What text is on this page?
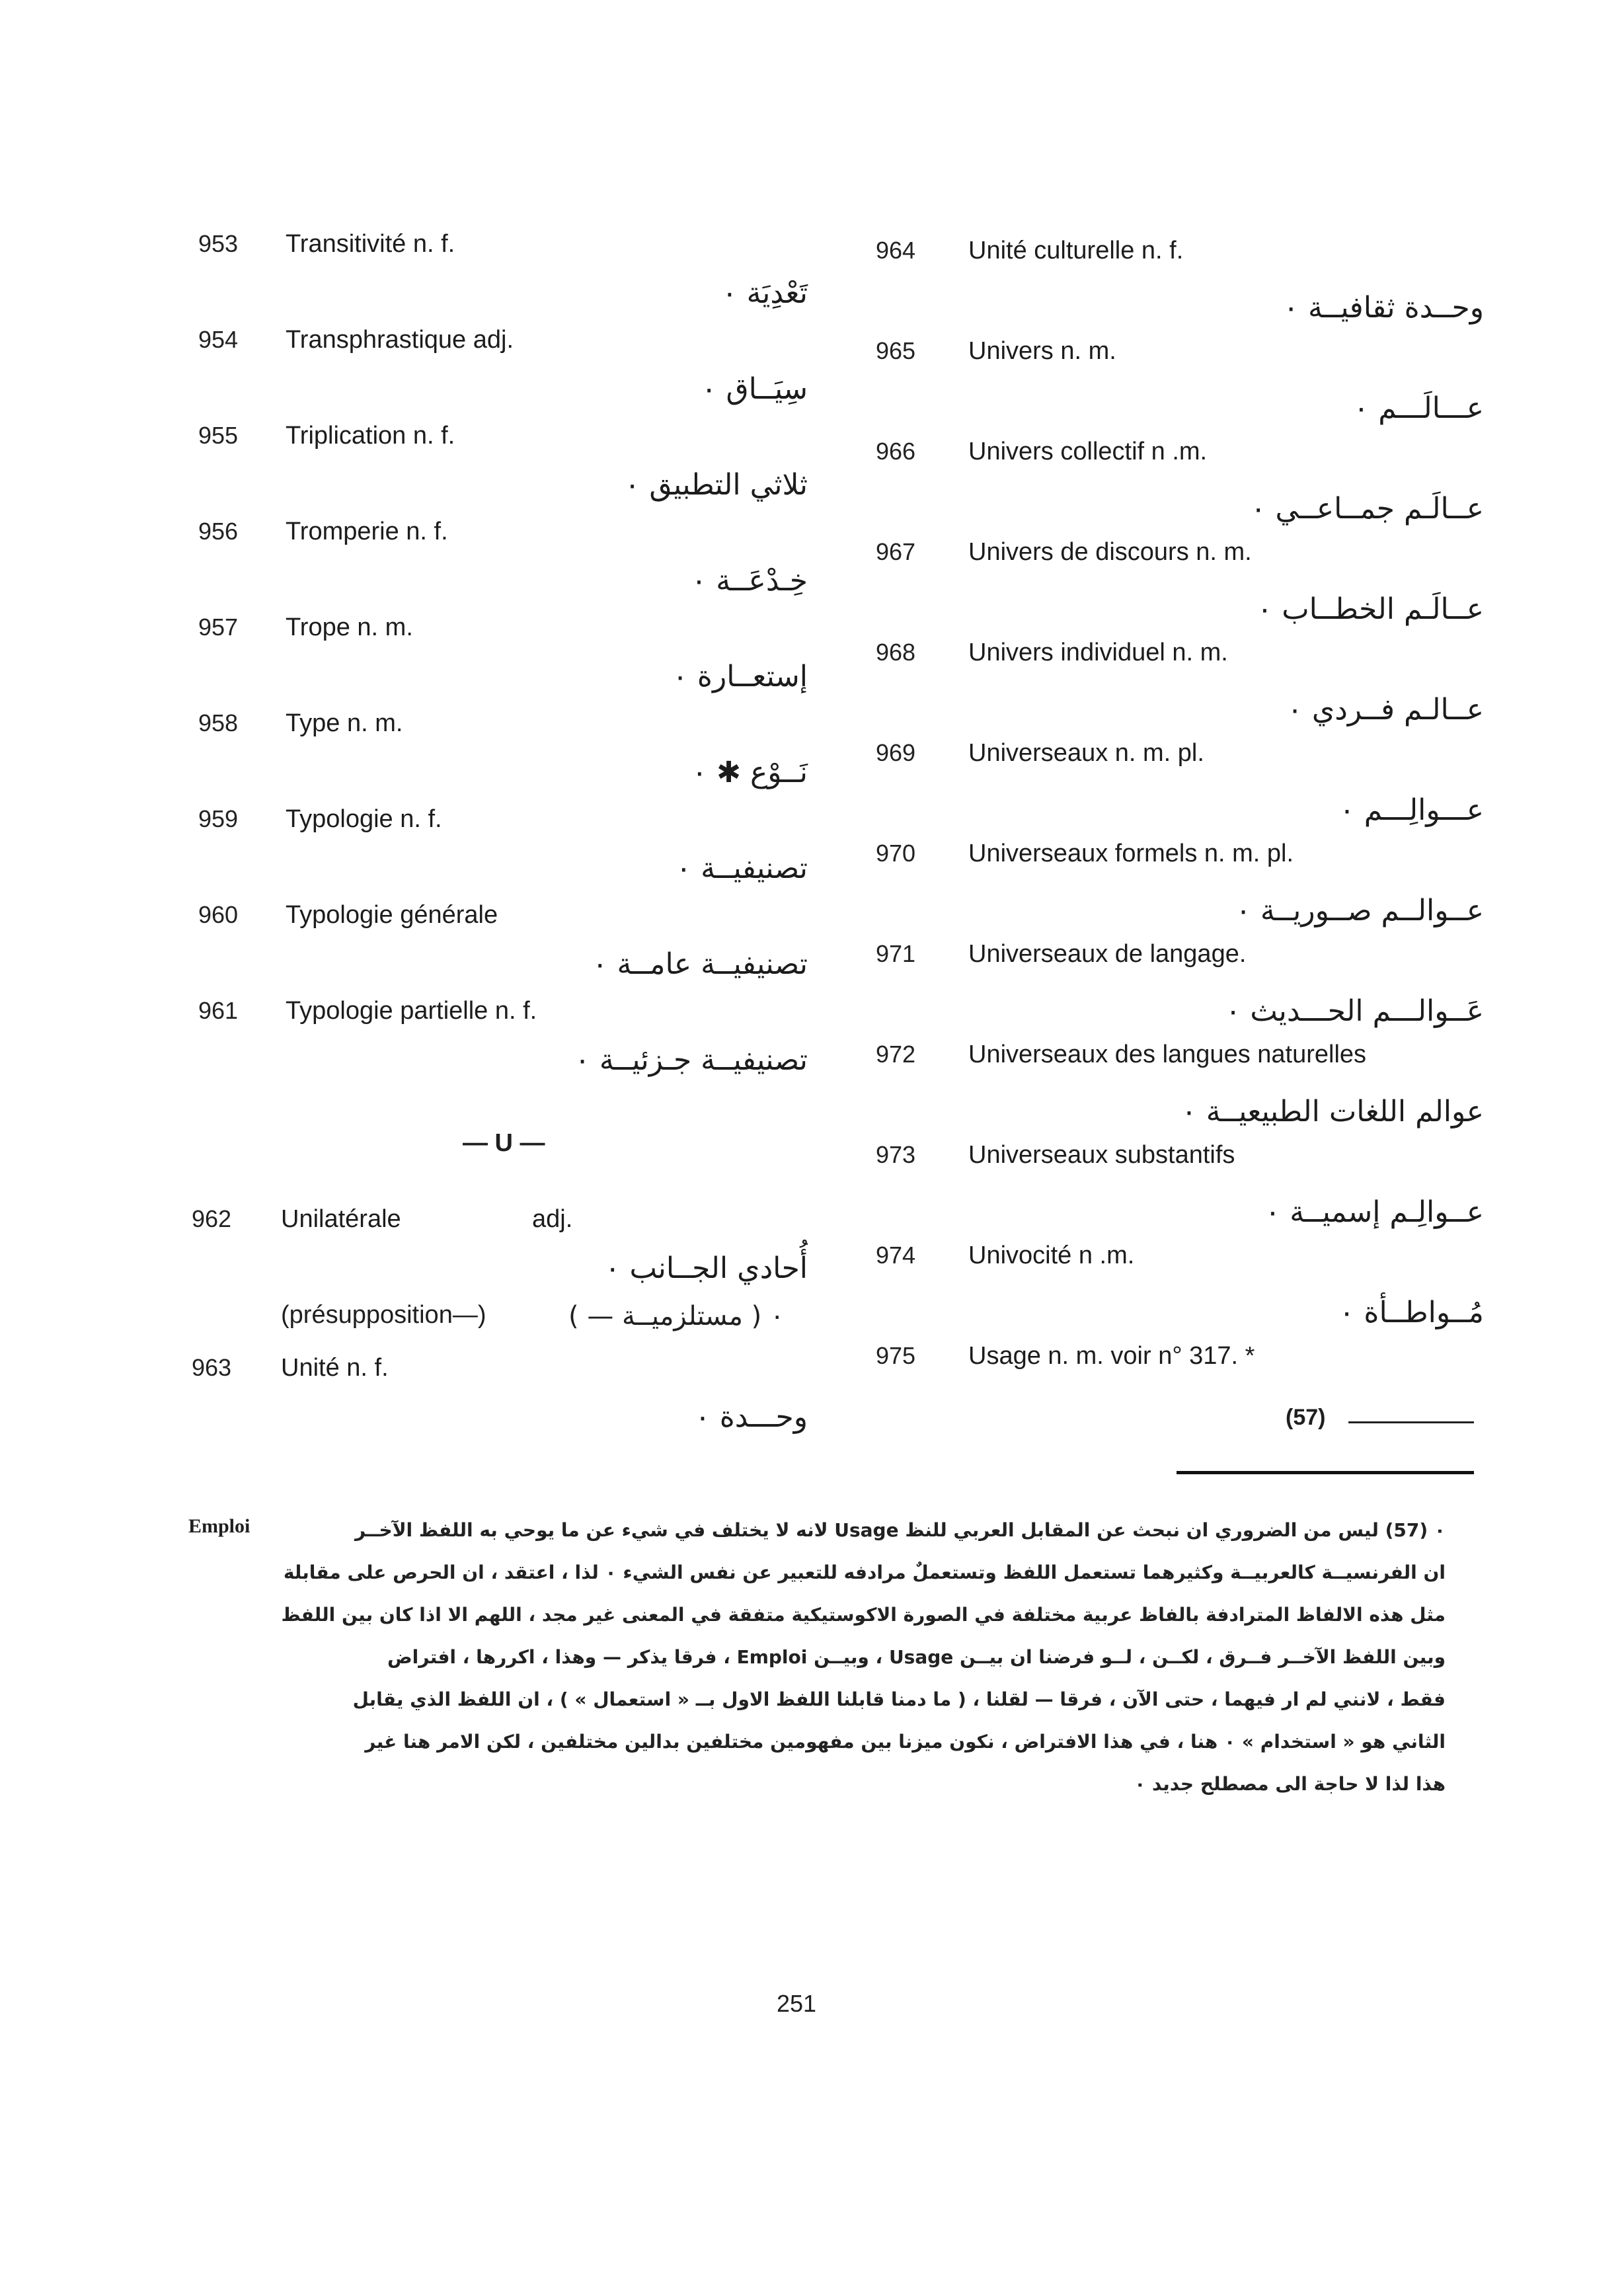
953 Transitivité n. f.
تَعْدِيَة ٠
954 Transphrastique adj.
سِيَــاق ٠
955 Triplication n. f.
ثلاثي التطبيق ٠
956 Tromperie n. f.
خِـدْعَــة ٠
957 Trope n. m.
إستعــارة ٠
958 Type n. m.
نَــوْع ✱ ٠
959 Typologie n. f.
تصنيفيــة ٠
960 Typologie générale
تصنيفيــة عامــة ٠
961 Typologie partielle n. f.
تصنيفيــة جـزئيــة ٠
— U —
962 Unilatérale	adj.
أُحادي الجــانب ٠
(présupposition—)	٠ ( مستلزميــة — )
963 Unité n. f.
وحـــدة ٠
964 Unité culturelle n. f.
وحــدة ثقافيــة ٠
965 Univers n. m.
عـــالَـــم ٠
966 Univers collectif n .m.
عــالَـم جمــاعــي ٠
967 Univers de discours n. m.
عــالَـم الخطــاب ٠
968 Univers individuel n. m.
عــالـم فــردي ٠
969 Universeaux n. m. pl.
عـــوالِـــم ٠
970 Universeaux formels n. m. pl.
عــوالــم صــوريــة ٠
971 Universeaux de langage.
عَــوالـــم الحـــديث ٠
972 Universeaux des langues naturelles
عوالم اللغات الطبيعيــة ٠
973 Universeaux substantifs
عــوالِـم إسميــة ٠
974 Univocité n .m.
مُــواطــأة ٠
975 Usage n. m. voir n° 317. *
(57)
Emploi	٠ (57) ليس من الضروري ان نبحث عن المقابل العربي للنظ Usage لانه لا يختلف في شيء عن ما يوحي به اللفظ الآخــر
ان الفرنسيــة كالعربيــة وكثيرهما تستعمل اللفظ وتستعملٌ مرادفه للتعبير عن نفس الشيء ٠ لذا ، اعتقد ، ان الحرص على مقابلة
مثل هذه الالفاظ المترادفة بالفاظ عربية مختلفة في الصورة الاكوستيكية متفقة في المعنى غير مجد ، اللهم الا اذا كان بين اللفظ
وبين اللفظ الآخــر فــرق ، لكــن ، لــو فرضنا ان بيــن Usage ، وبيــن Emploi ، فرقا يذكر — وهذا ، اكررها ، افتراض
فقط ، لانني لم ار فيهما ، حتى الآن ، فرقا — لقلنا ، ( ما دمنا قابلنا اللفظ الاول بــ « استعمال » ) ، ان اللفظ الذي يقابل
الثاني هو « استخدام » ٠ هنا ، في هذا الافتراض ، نكون ميزنا بين مفهومين مختلفين بدالين مختلفين ، لكن الامر هنا غير
هذا لذا لا حاجة الى مصطلح جديد ٠
251
